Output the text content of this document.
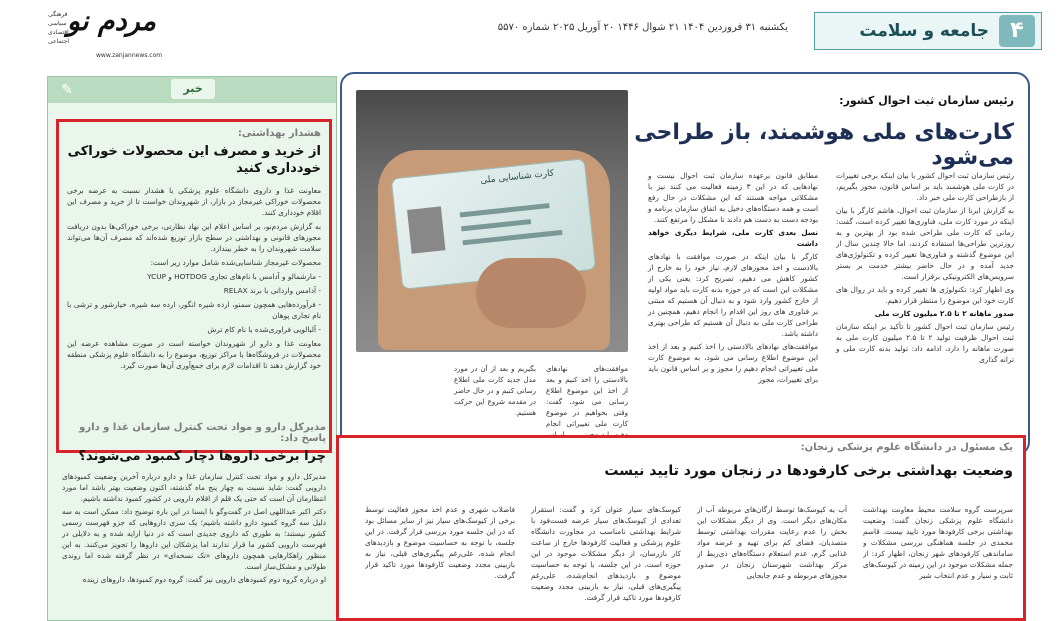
مردم نو
فرهنگی
سیاسی
اقتصادی
اجتماعی
www.zanjannews.com
یکشنبه ۳۱ فروردین ۱۴۰۴ ۲۱ شوال ۱۴۴۶ ۲۰ آوریل ۲۰۲۵ شماره ۵۵۷۰	جامعه و سلامت ۴
✎	خبر
هشدار بهداشتی:
از خرید و مصرف این محصولات خوراکی خودداری کنید

معاونت غذا و داروی دانشگاه علوم پزشکی با هشدار نسبت به عرضه برخی محصولات خوراکی غیرمجاز در بازار، از شهروندان خواست تا از خرید و مصرف این اقلام خودداری کنند.

به گزارش مردم‌نو، بر اساس اعلام این نهاد نظارتی، برخی خوراکی‌ها بدون دریافت مجوزهای قانونی و بهداشتی در سطح بازار توزیع شده‌اند که مصرف آن‌ها می‌تواند سلامت شهروندان را به خطر بیندازد.

محصولات غیرمجاز شناسایی‌شده شامل موارد زیر است:

- مارشمالو و آدامس با نام‌های تجاری HOTDOG و YCUP

- آدامس وارداتی با برند RELAX

- فرآورده‌هایی همچون سمنو، ارده شیره انگور، ارده سه شیره، خیارشور و ترشی با نام تجاری پوهان

- آلبالویی فراوری‌شده با نام کام ترش

معاونت غذا و دارو از شهروندان خواسته است در صورت مشاهده عرضه این محصولات در فروشگاه‌ها یا مراکز توزیع، موضوع را به دانشگاه علوم پزشکی منطقه خود گزارش دهند تا اقدامات لازم برای جمع‌آوری آن‌ها صورت گیرد.

مدیرکل دارو و مواد تحت کنترل سازمان غذا و دارو پاسخ داد:
چرا برخی داروها دچار کمبود می‌شوند؟

مدیرکل دارو و مواد تحت کنترل سازمان غذا و دارو درباره آخرین وضعیت کمبودهای دارویی گفت: شاید نسبت به چهار پنج ماه گذشته، اکنون وضعیت بهتر باشد اما مورد انتظارمان آن است که حتی یک قلم از اقلام دارویی در کشور کمبود نداشته باشیم.

دکتر اکبر عبداللهی اصل در گفت‌وگو با ایسنا در این باره توضیح داد: ممکن است به سه دلیل سه گروه کمبود دارو داشته باشیم؛ یک سری داروهایی که جزو فهرست رسمی کشور نیستند؛ به طوری که داروی جدیدی است که در دنیا ارایه شده و به دلایلی در فهرست دارویی کشور ما قرار ندارند اما پزشکان این داروها را تجویز می‌کنند. به این منظور راهکارهایی همچون داروهای «تک نسخه‌ای» در نظر گرفته شده اما روندی طولانی و مشکل‌ساز است.

او درباره گروه دوم کمبودهای دارویی نیز گفت: گروه دوم کمبودها، داروهای زینده

کارت شناسایی ملی
رئیس سازمان ثبت احوال کشور:
کارت‌های ملی هوشمند، باز طراحی می‌شود

رئیس سازمان ثبت احوال کشور با بیان اینکه برخی تغییرات در کارت ملی هوشمند باید بر اساس قانون، مجوز بگیریم، از بازطراحی کارت ملی خبر داد.

به گزارش ایرنا از سازمان ثبت احوال، هاشم کارگر با بیان اینکه در مورد کارت ملی، فناوری‌ها تغییر کرده است، گفت: زمانی که کارت ملی طراحی شده بود از بهترین و به روزترین طراحی‌ها استفاده کردند، اما حالا چندین سال از این موضوع گذشته و فناوری‌ها تغییر کرده و تکنولوژی‌های جدید آمده و در حال حاضر بیشتر خدمت بر بستر سرویس‌های الکترونیکی برقرار است.

وی اظهار کرد: تکنولوژی ها تغییر کرده و باید در روال های کارت خود این موضوع را منتظر قرار دهیم.

صدور ماهانه ۲ تا ۲.۵ میلیون کارت ملی

رئیس سازمان ثبت احوال کشور تا تأکید بر اینکه سازمان ثبت احوال ظرفیت تولید ۲ تا ۲.۵ میلیون کارت ملی به صورت ماهانه را دارد، ادامه داد: تولید بدنه کارت ملی و ترانه گذاری

مطابق قانون برعهده سازمان ثبت احوال نیست و نهادهایی که در این ۳ زمینه فعالیت می کنند نیز با مشکلاتی مواجه هستند که این مشکلات در حال رفع است و همه دستگاه‌های دخیل به اتفاق سازمان برنامه و بودجه دست به دست هم دادند تا مشکل را مرتفع کنند.

نسل بعدی کارت ملی، شرایط دیگری خواهد داشت

کارگر با بیان اینکه در صورت موافقت با نهادهای بالادست و اخذ مجوزهای لازم، نیاز خود را به خارج از کشور کاهش می دهیم، تصریح کرد: یعنی یکی از مشکلات این است که در حوزه بدنه کارت باید مواد اولیه از خارج کشور وارد شود و به دنبال آن هستیم که مبتنی بر فناوری های روز این اقدام را انجام دهیم، همچنین در طراحی کارت ملی به دنبال آن هستیم که طراحی بهتری داشته باشد.

موافقت‌های نهادهای بالادستی را اخذ کنیم و بعد از اخذ این موضوع اطلاع رسانی می شود، به موضوع کارت ملی تغییراتی انجام دهیم را مجوز و بر اساس قانون باید برای تغییرات، مجوز

موافقت‌های نهادهای بالادستی را اخذ کنیم و بعد از اخذ این موضوع اطلاع رسانی می شود، گفت: وقتی بخواهیم در موضوع کارت ملی تغییراتی انجام
بگیریم و بعد از آن در مورد مدل جدید کارت ملی اطلاع رسانی کنیم و در حال حاضر در مقدمه شروع این حرکت هستیم.
یک مسئول در دانشگاه علوم پزشکی زنجان:
وضعیت بهداشتی برخی کارفودها در زنجان مورد تایید نیست
سرپرست گروه سلامت محیط معاونت بهداشت دانشگاه علوم پزشکی زنجان گفت: وضعیت بهداشتی برخی کارفودها مورد تایید نیست. قاسم محمدی در جلسه هماهنگی بررسی مشکلات و ساماندهی کارفودهای شهر زنجان، اظهار کرد: از جمله مشکلات موجود در این زمینه در کیوسک‌های ثابت و سیار و عدم انتخاب شیر
آب به کیوسک‌ها توسط ارگان‌های مربوطه آب از مکان‌های دیگر است. وی از دیگر مشکلات این بخش را عدم رعایت مقررات بهداشتی توسط متصدیان، فضای کم برای تهیه و عرضه مواد غذایی گرم، عدم استعلام دستگاه‌های ذی‌ربط از مرکز بهداشت شهرستان زنجان در صدور مجوزهای مربوطه و عدم جابجایی
کیوسک‌های سیار عنوان کرد و گفت: استقرار تعدادی از کیوسک‌های سیار عرضه فست‌فود با شرایط بهداشتی نامناسب در مجاورت دانشگاه علوم پزشکی و فعالیت کارفودها خارج از ساعت کار بازرسان، از دیگر مشکلات موجود در این حوزه است. در این جلسه، با توجه به حساسیت موضوع و بازدیدهای انجام‌شده، علی‌رغم پیگیری‌های قبلی، نیاز به بازبینی مجدد وضعیت کارفودها مورد تاکید قرار گرفت.
فاضلاب شهری و عدم اخذ مجوز فعالیت توسط برخی از کیوسک‌های سیار نیز از سایر مسائل بود که در این جلسه مورد بررسی قرار گرفت. در این جلسه، با توجه به حساسیت موضوع و بازدیدهای انجام شده، علی‌رغم پیگیری‌های قبلی، نیاز به بازبینی مجدد وضعیت کارفودها مورد تاکید قرار گرفت.
